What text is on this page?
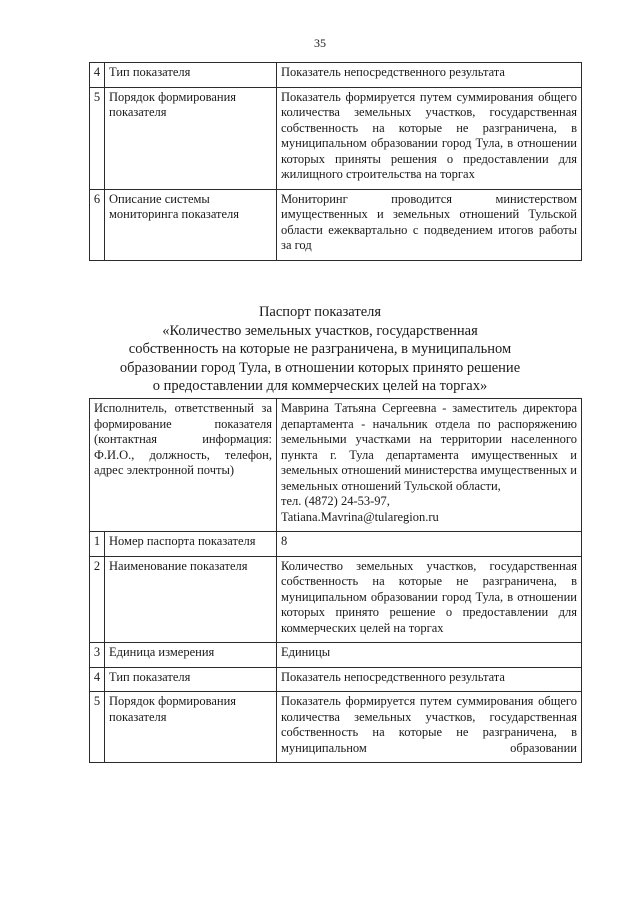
35
4	Тип показателя	Показатель непосредственного результата
5	Порядок формирования показателя	Показатель формируется путем суммирования общего количества земельных участков, государственная собственность на которые не разграничена, в муниципальном образовании город Тула, в отношении которых приняты решения о предоставлении для жилищного строительства на торгах
6	Описание системы мониторинга показателя	Мониторинг проводится министерством имущественных и земельных отношений Тульской области ежеквартально с подведением итогов работы за год
Паспорт показателя
«Количество земельных участков, государственная
собственность на которые не разграничена, в муниципальном
образовании город Тула, в отношении которых принято решение
о предоставлении для коммерческих целей на торгах»
Исполнитель, ответственный за формирование показателя (контактная информация: Ф.И.О., должность, телефон, адрес электронной почты)		Маврина Татьяна Сергеевна - заместитель директора департамента - начальник отдела по распоряжению земельными участками на территории населенного пункта г. Тула департамента имущественных и земельных отношений министерства имущественных и земельных отношений Тульской области,
тел. (4872) 24-53-97,
Tatiana.Mavrina@tularegion.ru

1	Номер паспорта показателя	8
2	Наименование показателя	Количество земельных участков, государственная собственность на которые не разграничена, в муниципальном образовании город Тула, в отношении которых принято решение о предоставлении для коммерческих целей на торгах
3	Единица измерения	Единицы
4	Тип показателя	Показатель непосредственного результата
5	Порядок формирования показателя	Показатель формируется путем суммирования общего количества земельных участков, государственная собственность на которые не разграничена, в муниципальном образовании
